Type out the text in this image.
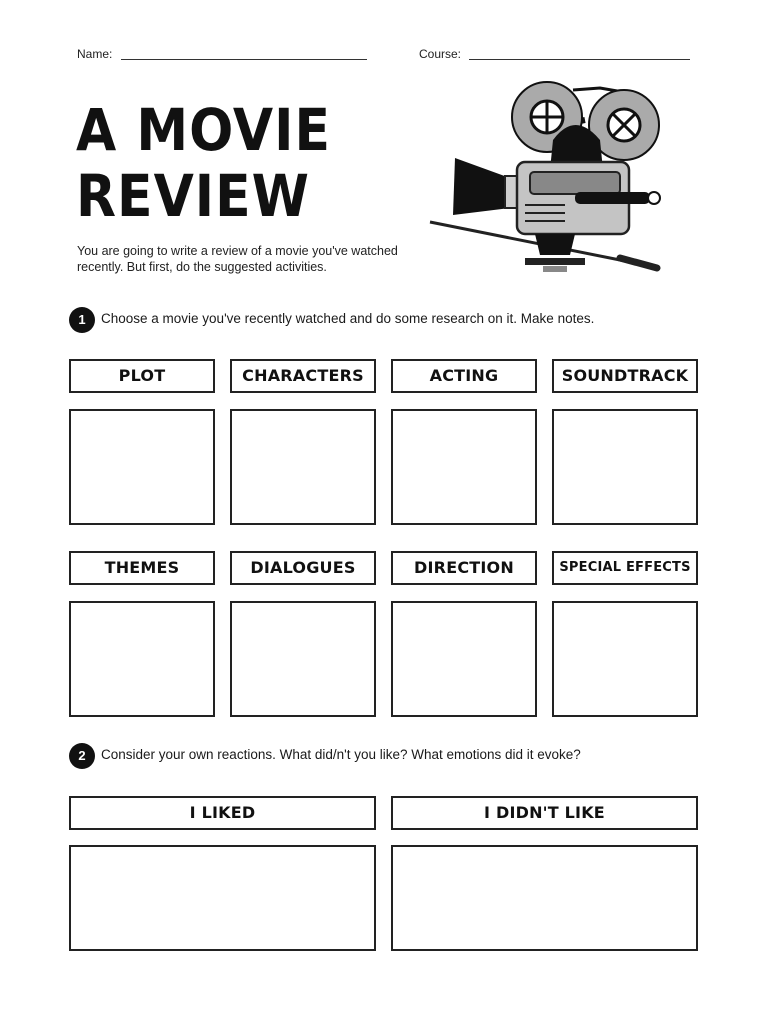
Name:	Course:
A MOVIE
REVIEW
You are going to write a review of a movie you've watched recently. But first, do the suggested activities.
1	Choose a movie you've recently watched and do some research on it. Make notes.
PLOT	CHARACTERS	ACTING	SOUNDTRACK
THEMES	DIALOGUES	DIRECTION	SPECIAL EFFECTS
2	Consider your own reactions. What did/n't you like? What emotions did it evoke?
I LIKED	I DIDN'T LIKE
